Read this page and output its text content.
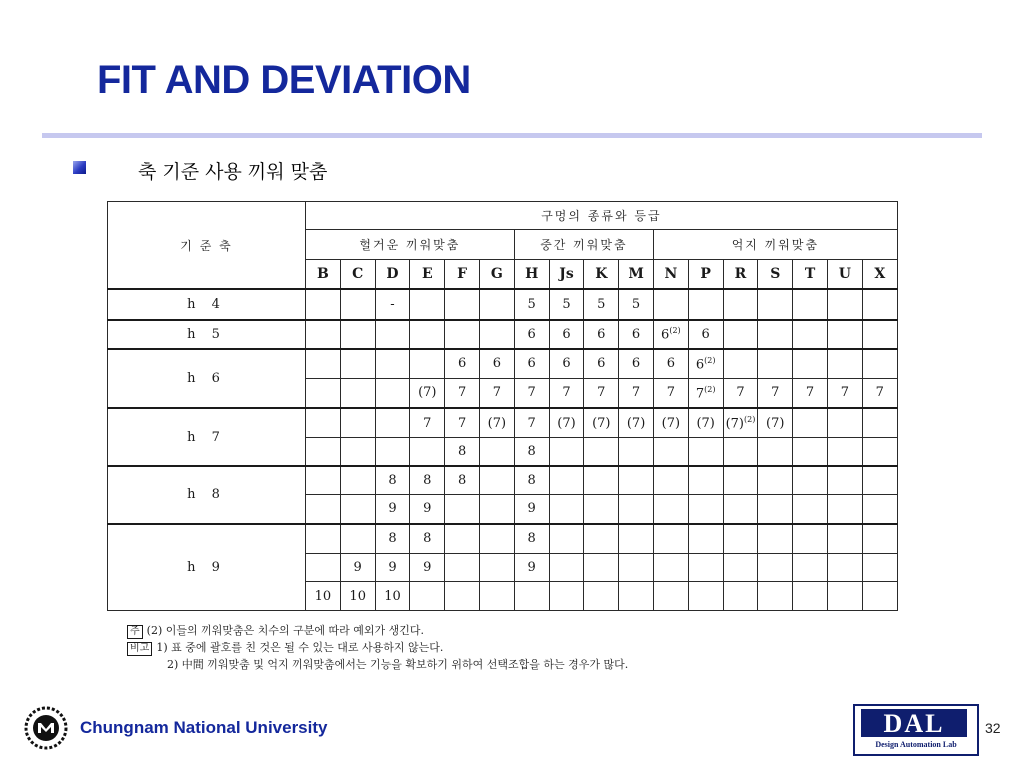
FIT AND DEVIATION
축 기준 사용 끼워 맞춤
기 준 축	구멍의 종류와 등급																
	헐거운 끼워맞춤						중간 끼워맞춤				억지 끼워맞춤						
	B	C	D	E	F	G	H	Js	K	M	N	P	R	S	T	U	X
h 4			-				5	5	5	5							
h 5							6	6	6	6	6$^{(2)}$	6					
h 6					6	6	6	6	6	6	6	6$^{(2)}$					
				(7)	7	7	7	7	7	7	7	7$^{(2)}$	7	7	7	7	7
h 7				7	7	(7)	7	(7)	(7)	(7)	(7)	(7)	$(7)^{(2)}$	(7)			
					8		8										
h 8			8	8	8		8										
			9	9			9										
h 9			8	8			8										
		9	9	9			9										
	10	10	10														
주 (2) 이들의 끼워맞춤은 치수의 구분에 따라 예외가 생긴다.
비고 1) 표 중에 괄호를 친 것은 될 수 있는 대로 사용하지 않는다.
2) 中間 끼워맞춤 및 억지 끼워맞춤에서는 기능을 확보하기 위하여 선택조합을 하는 경우가 많다.
Chungnam National University	DAL
Design Automation Lab
32
